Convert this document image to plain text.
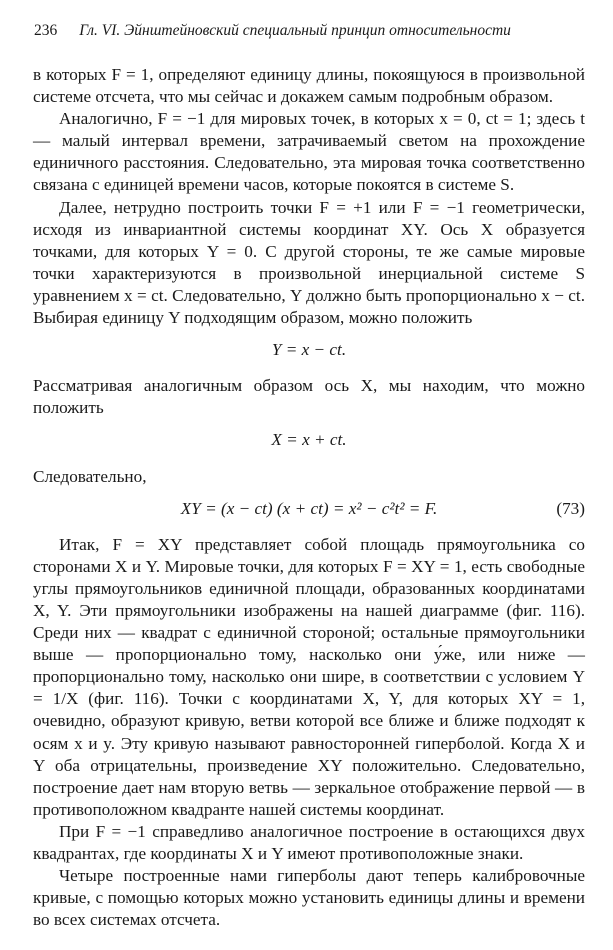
236 Гл. VI. Эйнштейновский специальный принцип относительности

в которых F = 1, определяют единицу длины, покоящуюся в произвольной системе отсчета, что мы сейчас и докажем самым подробным образом.

Аналогично, F = −1 для мировых точек, в которых x = 0, ct = 1; здесь t — малый интервал времени, затрачиваемый светом на прохождение единичного расстояния. Следовательно, эта мировая точка соответственно связана с единицей времени часов, которые покоятся в системе S.

Далее, нетрудно построить точки F = +1 или F = −1 геометрически, исходя из инвариантной системы координат XY. Ось X образуется точками, для которых Y = 0. С другой стороны, те же самые мировые точки характеризуются в произвольной инерциальной системе S уравнением x = ct. Следовательно, Y должно быть пропорционально x − ct. Выбирая единицу Y подходящим образом, можно положить

Y = x − ct.

Рассматривая аналогичным образом ось X, мы находим, что можно положить

X = x + ct.

Следовательно,

XY = (x − ct) (x + ct) = x² − c²t² = F.	(73)

Итак, F = XY представляет собой площадь прямоугольника со сторонами X и Y. Мировые точки, для которых F = XY = 1, есть свободные углы прямоугольников единичной площади, образованных координатами X, Y. Эти прямоугольники изображены на нашей диаграмме (фиг. 116). Среди них — квадрат с единичной стороной; остальные прямоугольники выше — пропорционально тому, насколько они у́же, или ниже — пропорционально тому, насколько они шире, в соответствии с условием Y = 1/X (фиг. 116). Точки с координатами X, Y, для которых XY = 1, очевидно, образуют кривую, ветви которой все ближе и ближе подходят к осям x и y. Эту кривую называют равносторонней гиперболой. Когда X и Y оба отрицательны, произведение XY положительно. Следовательно, построение дает нам вторую ветвь — зеркальное отображение первой — в противоположном квадранте нашей системы координат.

При F = −1 справедливо аналогичное построение в остающихся двух квадрантах, где координаты X и Y имеют противоположные знаки.

Четыре построенные нами гиперболы дают теперь калибровочные кривые, с помощью которых можно установить единицы длины и времени во всех системах отсчета.
